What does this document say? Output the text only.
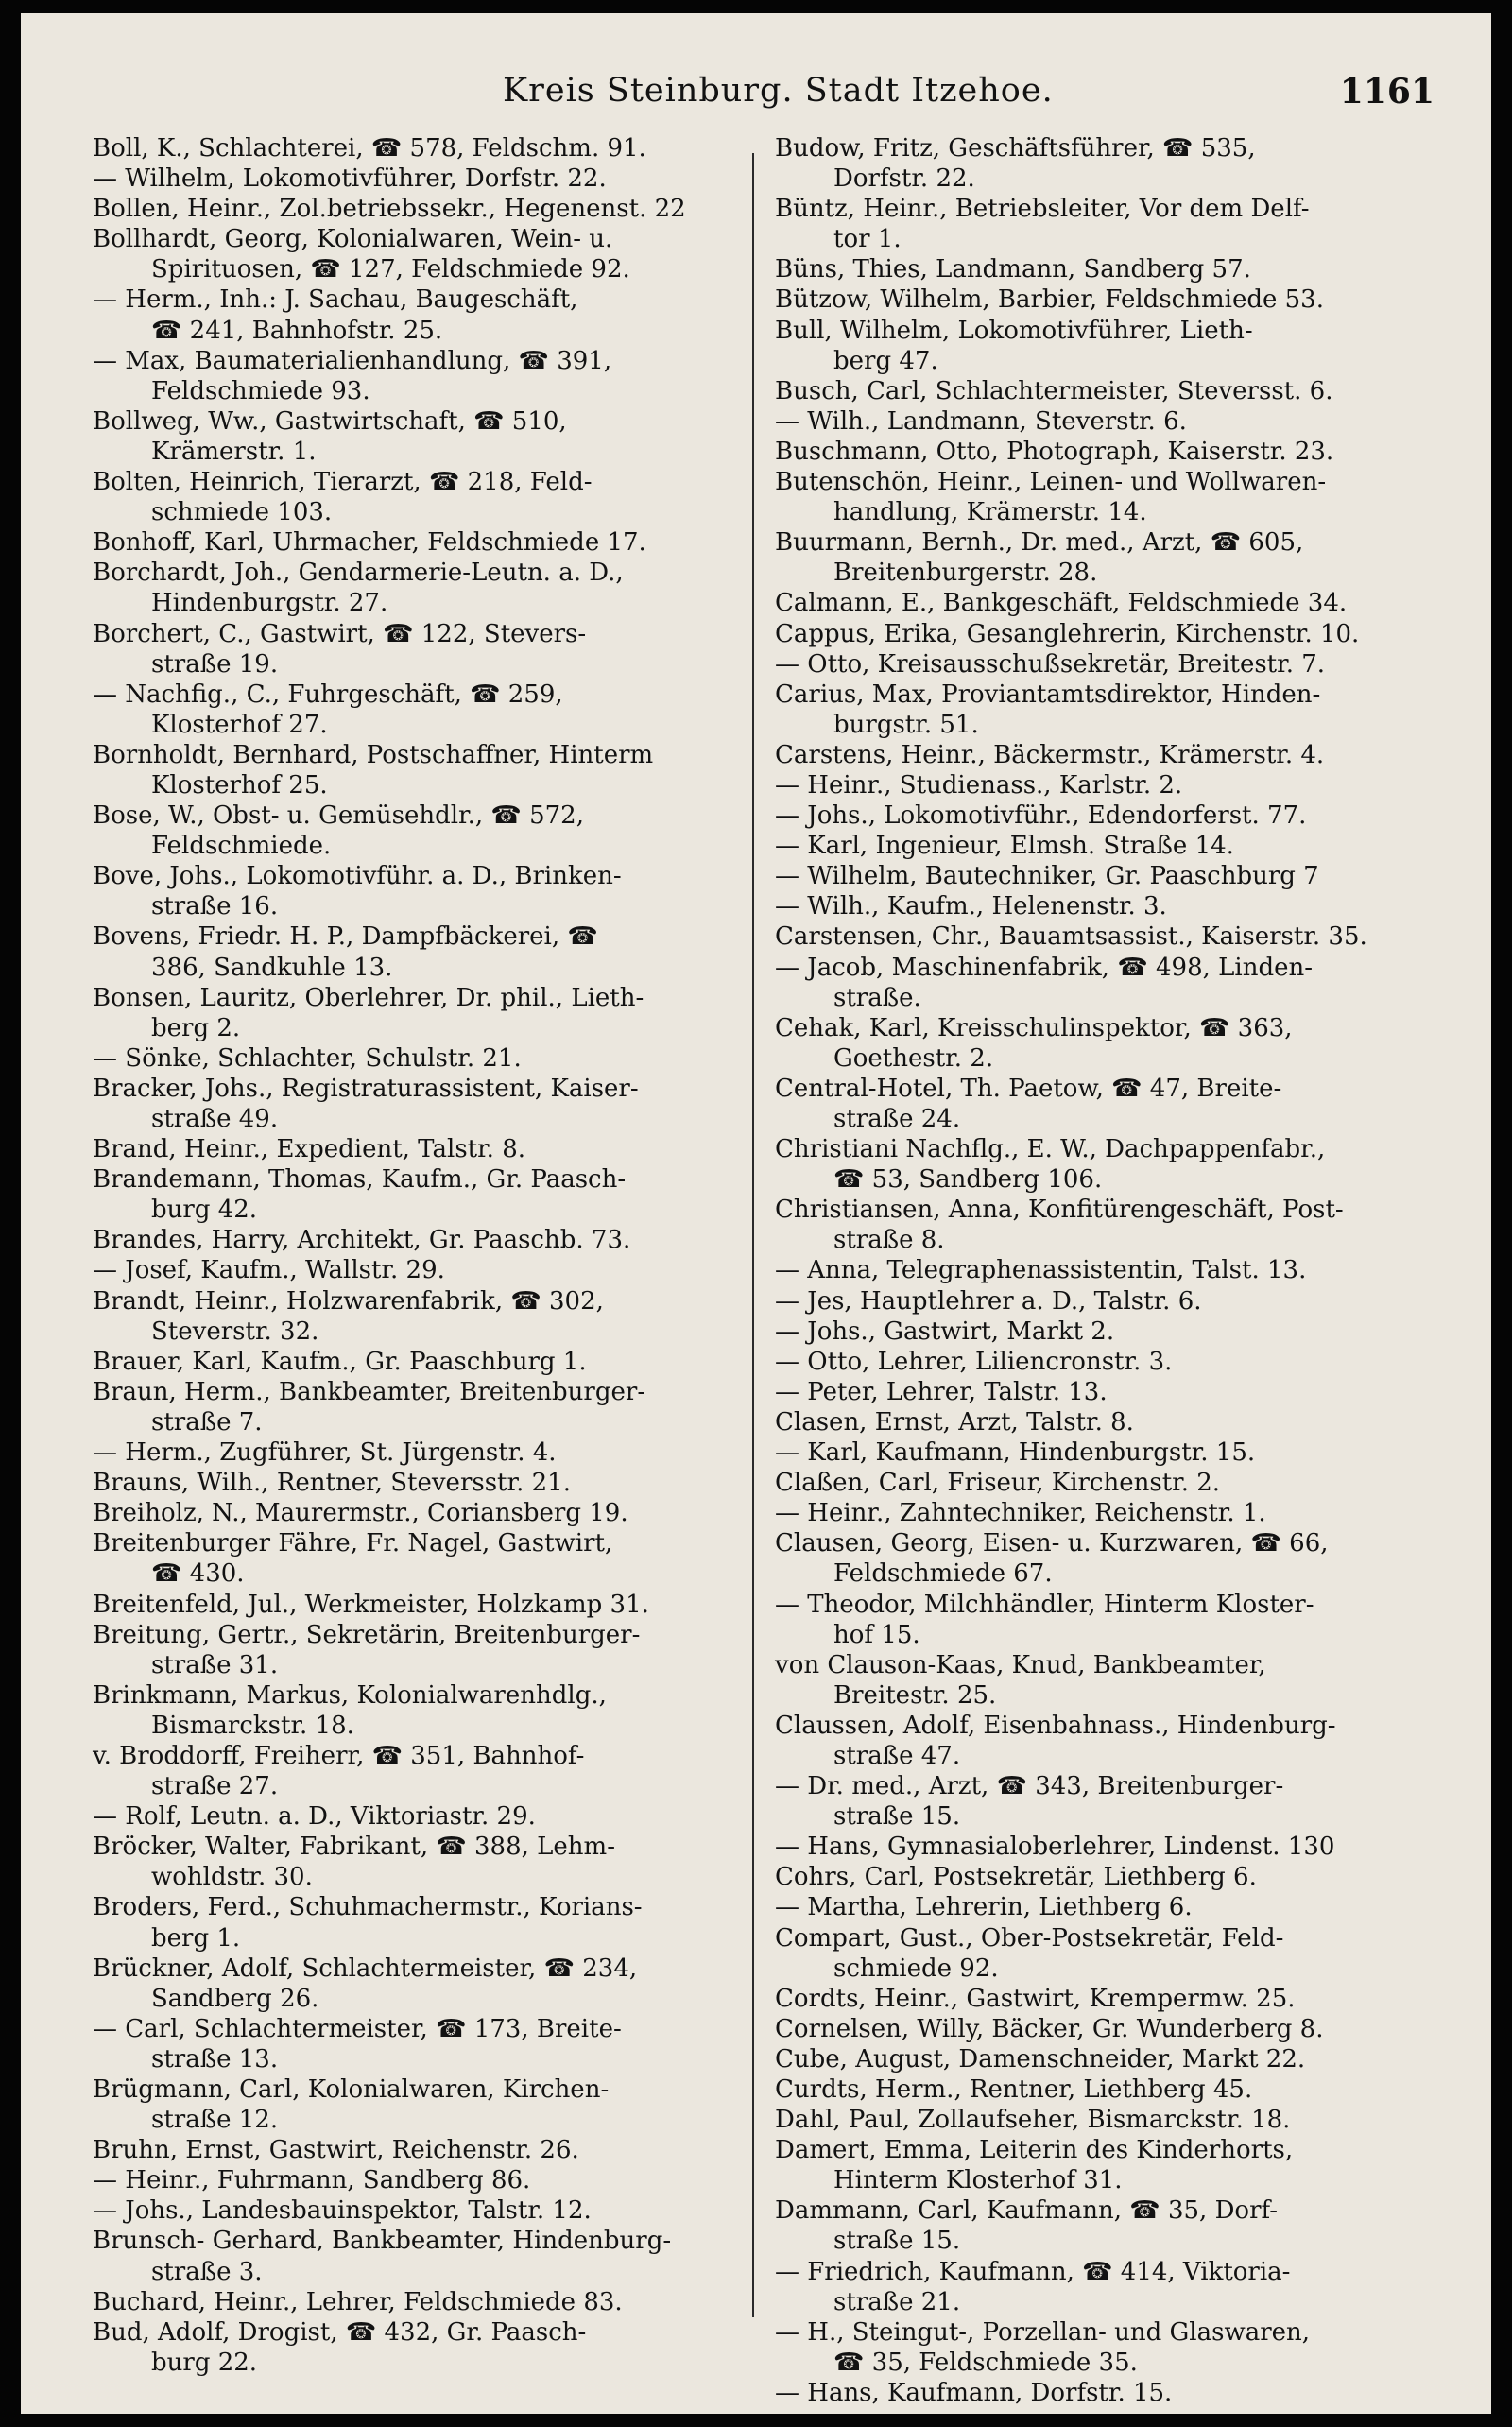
Kreis Steinburg. Stadt Itzehoe.	1161
Boll, K., Schlachterei, ☎ 578, Feldschm. 91.
— Wilhelm, Lokomotivführer, Dorfstr. 22.
Bollen, Heinr., Zol.betriebssekr., Hegenenst. 22
Bollhardt, Georg, Kolonialwaren, Wein- u.
Spirituosen, ☎ 127, Feldschmiede 92.
— Herm., Inh.: J. Sachau, Baugeschäft,
☎ 241, Bahnhofstr. 25.
— Max, Baumaterialienhandlung, ☎ 391,
Feldschmiede 93.
Bollweg, Ww., Gastwirtschaft, ☎ 510,
Krämerstr. 1.
Bolten, Heinrich, Tierarzt, ☎ 218, Feld-
schmiede 103.
Bonhoff, Karl, Uhrmacher, Feldschmiede 17.
Borchardt, Joh., Gendarmerie-Leutn. a. D.,
Hindenburgstr. 27.
Borchert, C., Gastwirt, ☎ 122, Stevers-
straße 19.
— Nachfig., C., Fuhrgeschäft, ☎ 259,
Klosterhof 27.
Bornholdt, Bernhard, Postschaffner, Hinterm
Klosterhof 25.
Bose, W., Obst- u. Gemüsehdlr., ☎ 572,
Feldschmiede.
Bove, Johs., Lokomotivführ. a. D., Brinken-
straße 16.
Bovens, Friedr. H. P., Dampfbäckerei, ☎
386, Sandkuhle 13.
Bonsen, Lauritz, Oberlehrer, Dr. phil., Lieth-
berg 2.
— Sönke, Schlachter, Schulstr. 21.
Bracker, Johs., Registraturassistent, Kaiser-
straße 49.
Brand, Heinr., Expedient, Talstr. 8.
Brandemann, Thomas, Kaufm., Gr. Paasch-
burg 42.
Brandes, Harry, Architekt, Gr. Paaschb. 73.
— Josef, Kaufm., Wallstr. 29.
Brandt, Heinr., Holzwarenfabrik, ☎ 302,
Steverstr. 32.
Brauer, Karl, Kaufm., Gr. Paaschburg 1.
Braun, Herm., Bankbeamter, Breitenburger-
straße 7.
— Herm., Zugführer, St. Jürgenstr. 4.
Brauns, Wilh., Rentner, Steversstr. 21.
Breiholz, N., Maurermstr., Coriansberg 19.
Breitenburger Fähre, Fr. Nagel, Gastwirt,
☎ 430.
Breitenfeld, Jul., Werkmeister, Holzkamp 31.
Breitung, Gertr., Sekretärin, Breitenburger-
straße 31.
Brinkmann, Markus, Kolonialwarenhdlg.,
Bismarckstr. 18.
v. Broddorff, Freiherr, ☎ 351, Bahnhof-
straße 27.
— Rolf, Leutn. a. D., Viktoriastr. 29.
Bröcker, Walter, Fabrikant, ☎ 388, Lehm-
wohldstr. 30.
Broders, Ferd., Schuhmachermstr., Korians-
berg 1.
Brückner, Adolf, Schlachtermeister, ☎ 234,
Sandberg 26.
— Carl, Schlachtermeister, ☎ 173, Breite-
straße 13.
Brügmann, Carl, Kolonialwaren, Kirchen-
straße 12.
Bruhn, Ernst, Gastwirt, Reichenstr. 26.
— Heinr., Fuhrmann, Sandberg 86.
— Johs., Landesbauinspektor, Talstr. 12.
Brunsch- Gerhard, Bankbeamter, Hindenburg-
straße 3.
Buchard, Heinr., Lehrer, Feldschmiede 83.
Bud, Adolf, Drogist, ☎ 432, Gr. Paasch-
burg 22.
Budow, Fritz, Geschäftsführer, ☎ 535,
Dorfstr. 22.
Büntz, Heinr., Betriebsleiter, Vor dem Delf-
tor 1.
Büns, Thies, Landmann, Sandberg 57.
Bützow, Wilhelm, Barbier, Feldschmiede 53.
Bull, Wilhelm, Lokomotivführer, Lieth-
berg 47.
Busch, Carl, Schlachtermeister, Steversst. 6.
— Wilh., Landmann, Steverstr. 6.
Buschmann, Otto, Photograph, Kaiserstr. 23.
Butenschön, Heinr., Leinen- und Wollwaren-
handlung, Krämerstr. 14.
Buurmann, Bernh., Dr. med., Arzt, ☎ 605,
Breitenburgerstr. 28.
Calmann, E., Bankgeschäft, Feldschmiede 34.
Cappus, Erika, Gesanglehrerin, Kirchenstr. 10.
— Otto, Kreisausschußsekretär, Breitestr. 7.
Carius, Max, Proviantamtsdirektor, Hinden-
burgstr. 51.
Carstens, Heinr., Bäckermstr., Krämerstr. 4.
— Heinr., Studienass., Karlstr. 2.
— Johs., Lokomotivführ., Edendorferst. 77.
— Karl, Ingenieur, Elmsh. Straße 14.
— Wilhelm, Bautechniker, Gr. Paaschburg 7
— Wilh., Kaufm., Helenenstr. 3.
Carstensen, Chr., Bauamtsassist., Kaiserstr. 35.
— Jacob, Maschinenfabrik, ☎ 498, Linden-
straße.
Cehak, Karl, Kreisschulinspektor, ☎ 363,
Goethestr. 2.
Central-Hotel, Th. Paetow, ☎ 47, Breite-
straße 24.
Christiani Nachflg., E. W., Dachpappenfabr.,
☎ 53, Sandberg 106.
Christiansen, Anna, Konfitürengeschäft, Post-
straße 8.
— Anna, Telegraphenassistentin, Talst. 13.
— Jes, Hauptlehrer a. D., Talstr. 6.
— Johs., Gastwirt, Markt 2.
— Otto, Lehrer, Liliencronstr. 3.
— Peter, Lehrer, Talstr. 13.
Clasen, Ernst, Arzt, Talstr. 8.
— Karl, Kaufmann, Hindenburgstr. 15.
Claßen, Carl, Friseur, Kirchenstr. 2.
— Heinr., Zahntechniker, Reichenstr. 1.
Clausen, Georg, Eisen- u. Kurzwaren, ☎ 66,
Feldschmiede 67.
— Theodor, Milchhändler, Hinterm Kloster-
hof 15.
von Clauson-Kaas, Knud, Bankbeamter,
Breitestr. 25.
Claussen, Adolf, Eisenbahnass., Hindenburg-
straße 47.
— Dr. med., Arzt, ☎ 343, Breitenburger-
straße 15.
— Hans, Gymnasialoberlehrer, Lindenst. 130
Cohrs, Carl, Postsekretär, Liethberg 6.
— Martha, Lehrerin, Liethberg 6.
Compart, Gust., Ober-Postsekretär, Feld-
schmiede 92.
Cordts, Heinr., Gastwirt, Krempermw. 25.
Cornelsen, Willy, Bäcker, Gr. Wunderberg 8.
Cube, August, Damenschneider, Markt 22.
Curdts, Herm., Rentner, Liethberg 45.
Dahl, Paul, Zollaufseher, Bismarckstr. 18.
Damert, Emma, Leiterin des Kinderhorts,
Hinterm Klosterhof 31.
Dammann, Carl, Kaufmann, ☎ 35, Dorf-
straße 15.
— Friedrich, Kaufmann, ☎ 414, Viktoria-
straße 21.
— H., Steingut-, Porzellan- und Glaswaren,
☎ 35, Feldschmiede 35.
— Hans, Kaufmann, Dorfstr. 15.
